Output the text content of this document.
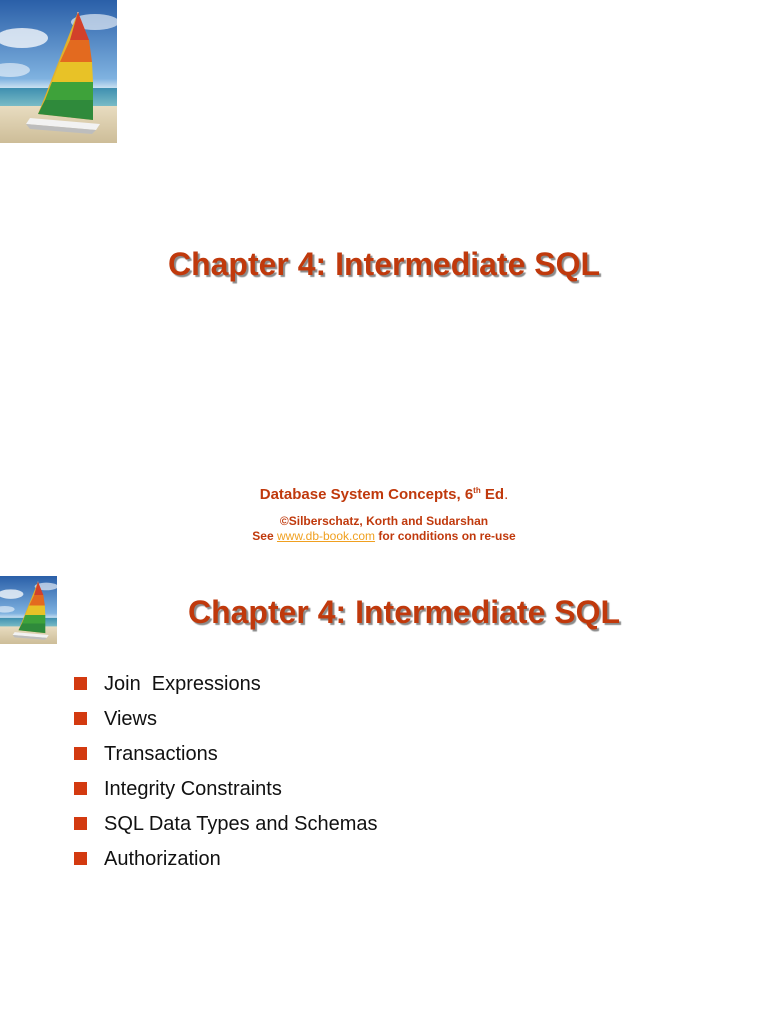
Chapter 4: Intermediate SQL
Database System Concepts, 6th Ed.
©Silberschatz, Korth and Sudarshan
See www.db-book.com for conditions on re-use
Chapter 4: Intermediate SQL
Join  Expressions
Views
Transactions
Integrity Constraints
SQL Data Types and Schemas
Authorization
